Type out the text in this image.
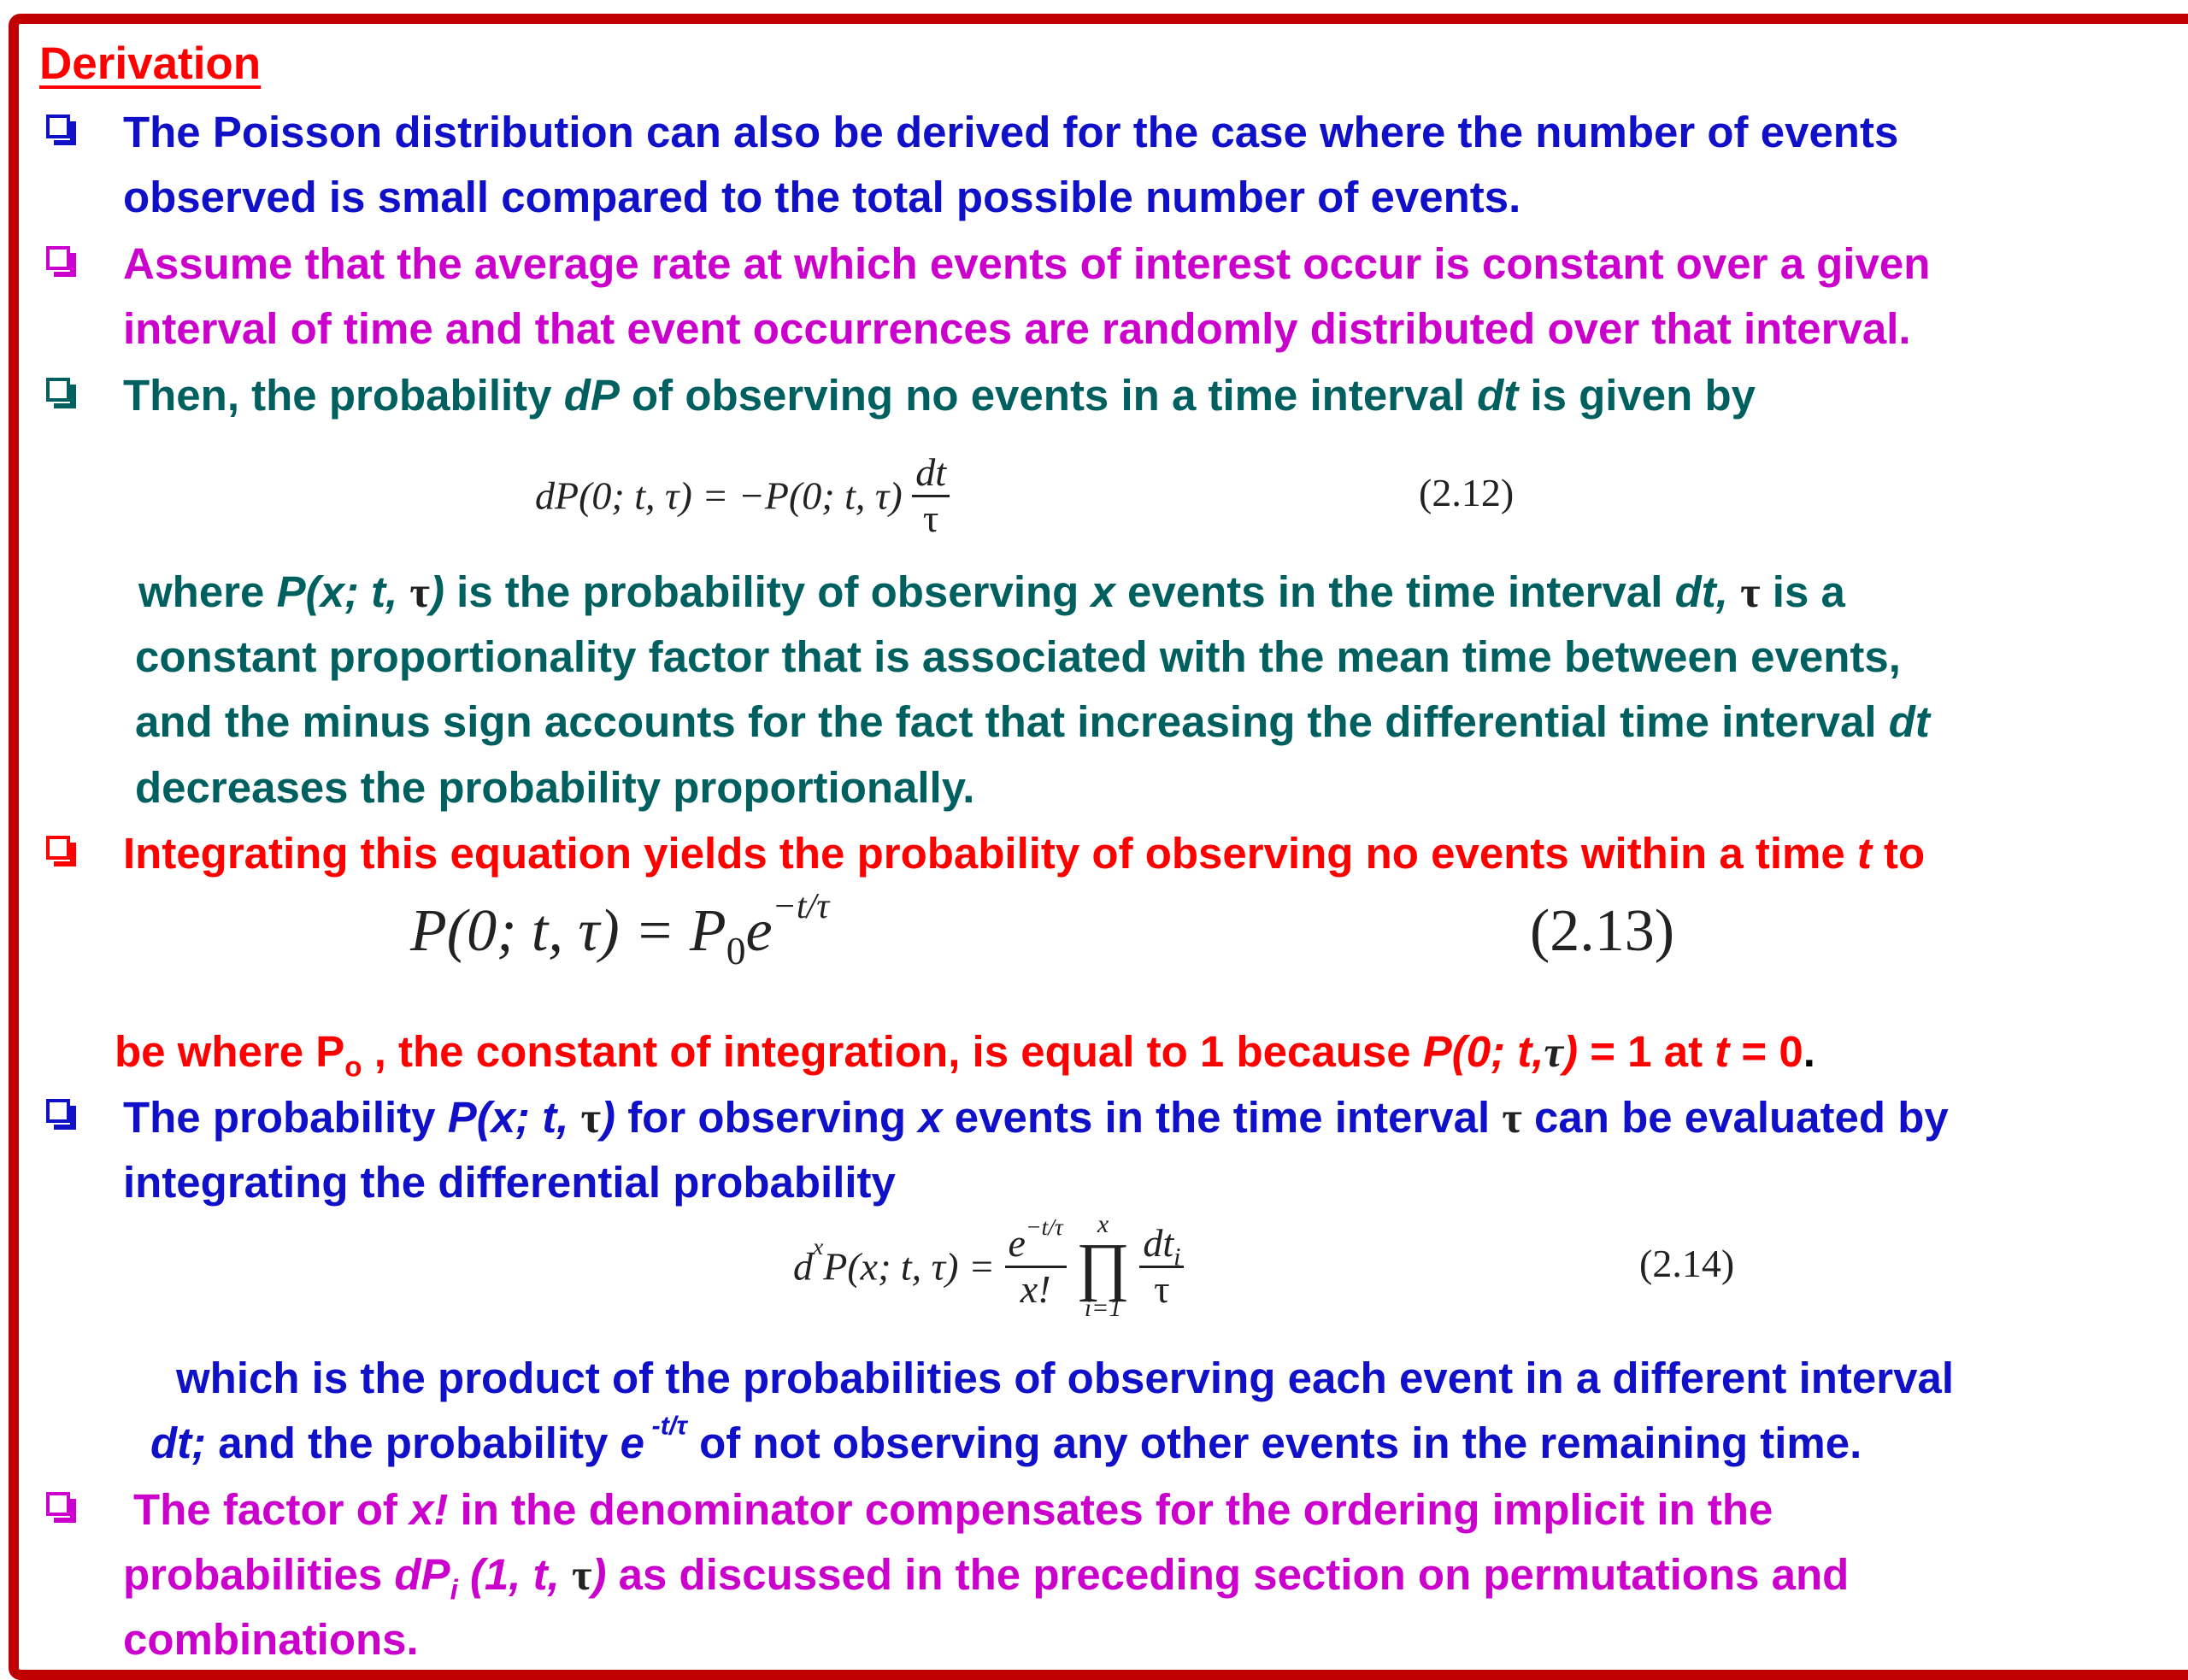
Derivation
The Poisson distribution can also be derived for the case where the number of events
observed is small compared to the total possible number of events.
Assume that the average rate at which events of interest occur is constant over a given
interval of time and that event occurrences are randomly distributed over that interval.
Then, the probability dP of observing no events in a time interval dt is given by
dP(0; t, τ) = −P(0; t, $\tau) \frac{dt}{\tau}$	(2.12)
where P(x; t, τ) is the probability of observing x events in the time interval dt, τ is a
constant proportionality factor that is associated with the mean time between events,
and the minus sign accounts for the fact that increasing the differential time interval dt
decreases the probability proportionally.
Integrating this equation yields the probability of observing no events within a time t to
P(0; t, $\tau) = P_0e^{-t/\tau}$	(2.13)
be where $P_o$ , the constant of integration, is equal to 1 because P(0; t,τ) = 1 at t = 0.
The probability P(x; t, τ) for observing x events in the time interval τ can be evaluated by
integrating the differential probability
$d^xP(x$; t, $\tau) = \frac{e^{-t/\tau}}{x!}$ x
∏
$i=1 \frac{dt_i}{\tau}$	(2.14)
which is the product of the probabilities of observing each event in a different interval
dt; and the probability e $^{-t/\tau}$ of not observing any other events in the remaining time.
The factor of x! in the denominator compensates for the ordering implicit in the
probabilities $dP_i$ (1, t, τ) as discussed in the preceding section on permutations and
combinations.
